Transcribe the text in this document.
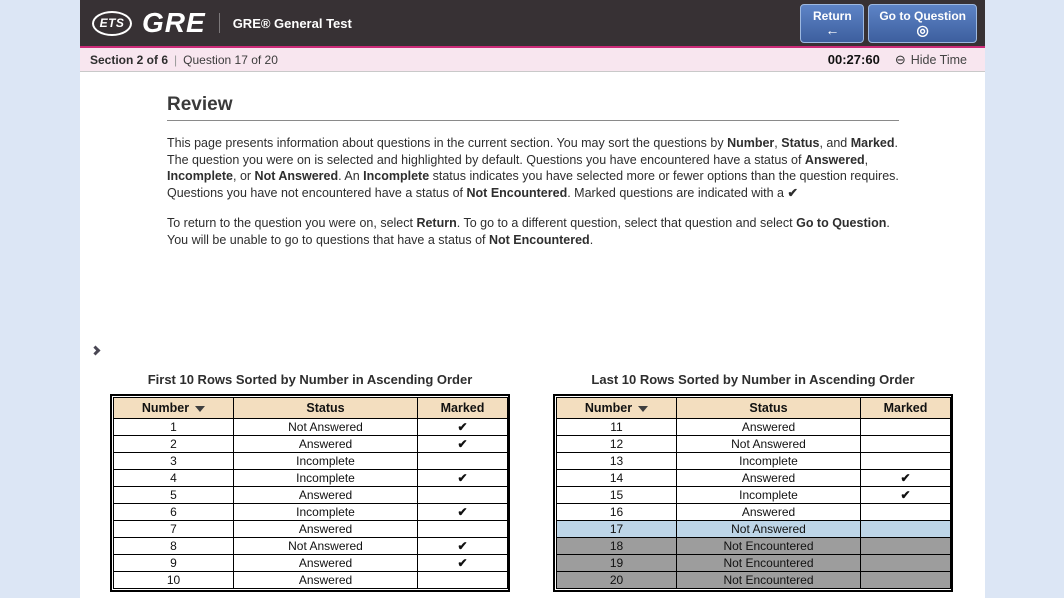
ETS GRE GRE® General Test	Return
←
Go to Question
◎
Section 2 of 6 | Question 17 of 20	00:27:60 ⊖ Hide Time
Review

This page presents information about questions in the current section. You may sort the questions by Number, Status, and Marked. The question you were on is selected and highlighted by default. Questions you have encountered have a status of Answered, Incomplete, or Not Answered. An Incomplete status indicates you have selected more or fewer options than the question requires. Questions you have not encountered have a status of Not Encountered. Marked questions are indicated with a ✔

To return to the question you were on, select Return. To go to a different question, select that question and select Go to Question. You will be unable to go to questions that have a status of Not Encountered.

First 10 Rows Sorted by Number in Ascending Order
Number	Status	Marked
1	Not Answered	✔
2	Answered	✔
3	Incomplete	
4	Incomplete	✔
5	Answered	
6	Incomplete	✔
7	Answered	
8	Not Answered	✔
9	Answered	✔
10	Answered	
Last 10 Rows Sorted by Number in Ascending Order
Number	Status	Marked
11	Answered	
12	Not Answered	
13	Incomplete	
14	Answered	✔
15	Incomplete	✔
16	Answered	
17	Not Answered	
18	Not Encountered	
19	Not Encountered	
20	Not Encountered	
